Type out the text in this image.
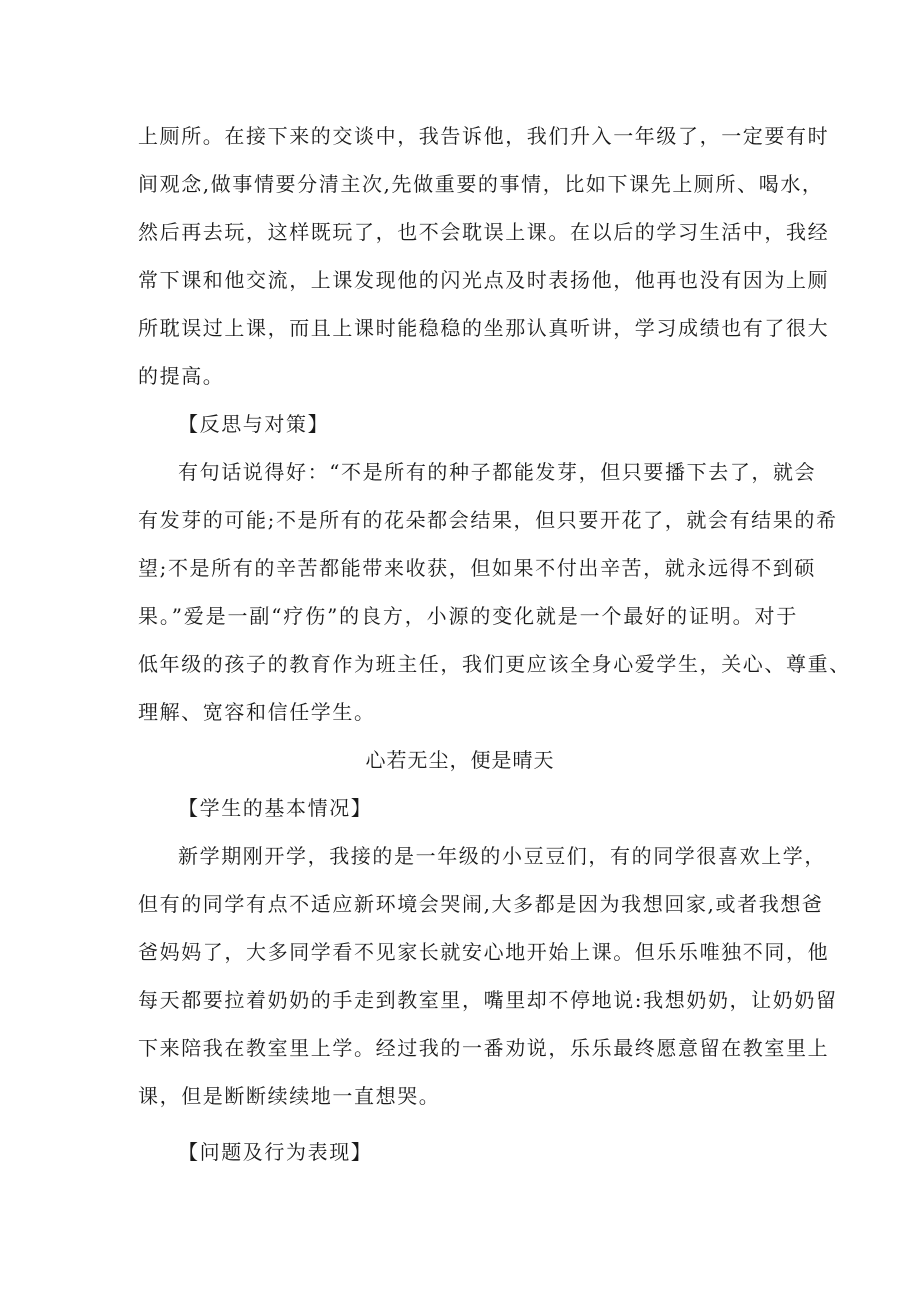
上厕所。在接下来的交谈中，我告诉他，我们升入一年级了，一定要有时
间观念,做事情要分清主次,先做重要的事情，比如下课先上厕所、喝水，
然后再去玩，这样既玩了，也不会耽误上课。在以后的学习生活中，我经
常下课和他交流，上课发现他的闪光点及时表扬他，他再也没有因为上厕
所耽误过上课，而且上课时能稳稳的坐那认真听讲，学习成绩也有了很大
的提高。
【反思与对策】
有句话说得好：“不是所有的种子都能发芽，但只要播下去了，就会
有发芽的可能;不是所有的花朵都会结果，但只要开花了，就会有结果的希
望;不是所有的辛苦都能带来收获，但如果不付出辛苦，就永远得不到硕
果。”爱是一副“疗伤”的良方，小源的变化就是一个最好的证明。对于
低年级的孩子的教育作为班主任，我们更应该全身心爱学生，关心、尊重、
理解、宽容和信任学生。
心若无尘，便是晴天
【学生的基本情况】
新学期刚开学，我接的是一年级的小豆豆们，有的同学很喜欢上学，
但有的同学有点不适应新环境会哭闹,大多都是因为我想回家,或者我想爸
爸妈妈了，大多同学看不见家长就安心地开始上课。但乐乐唯独不同，他
每天都要拉着奶奶的手走到教室里，嘴里却不停地说:我想奶奶，让奶奶留
下来陪我在教室里上学。经过我的一番劝说，乐乐最终愿意留在教室里上
课，但是断断续续地一直想哭。
【问题及行为表现】
